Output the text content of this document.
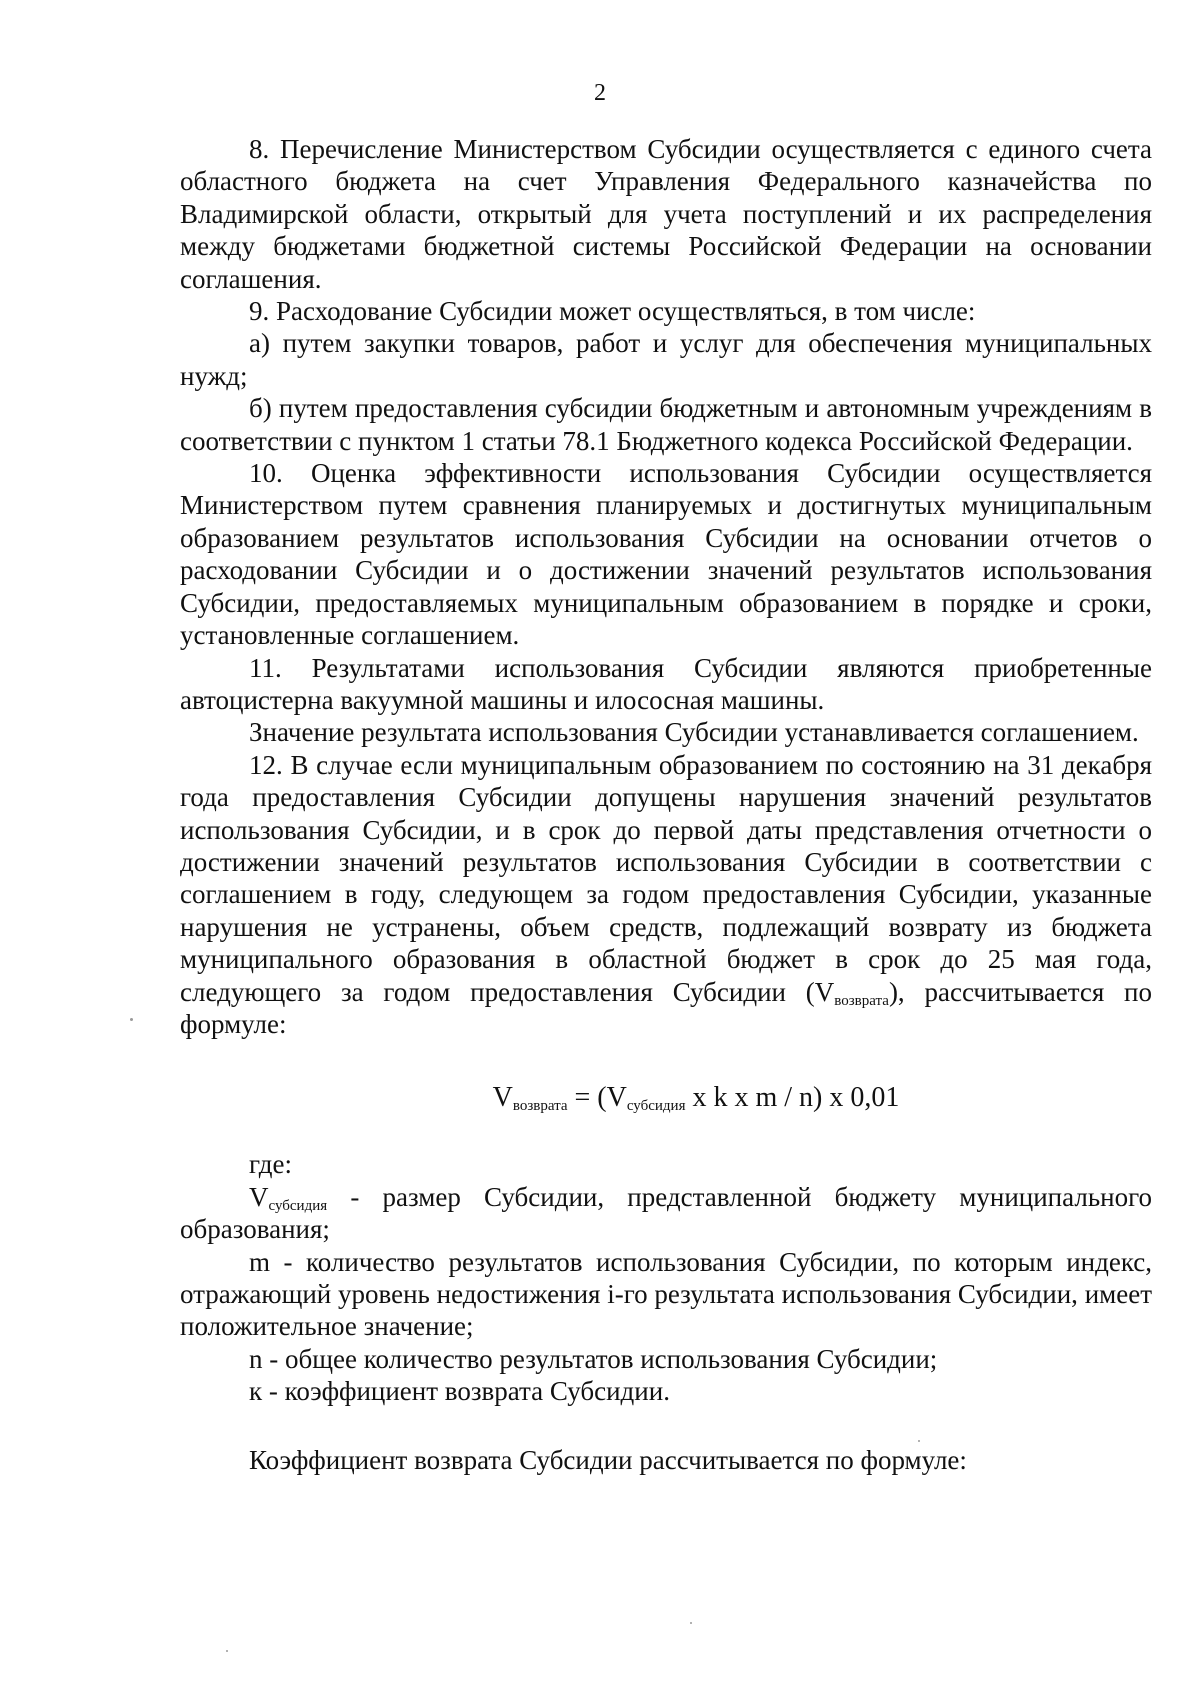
2

8. Перечисление Министерством Субсидии осуществляется с единого счета областного бюджета на счет Управления Федерального казначейства по Владимирской области, открытый для учета поступлений и их распределения между бюджетами бюджетной системы Российской Федерации на основании соглашения.

9. Расходование Субсидии может осуществляться, в том числе:

а) путем закупки товаров, работ и услуг для обеспечения муниципальных нужд;

б) путем предоставления субсидии бюджетным и автономным учреждениям в соответствии с пунктом 1 статьи 78.1 Бюджетного кодекса Российской Федерации.

10. Оценка эффективности использования Субсидии осуществляется Министерством путем сравнения планируемых и достигнутых муниципальным образованием результатов использования Субсидии на основании отчетов о расходовании Субсидии и о достижении значений результатов использования Субсидии, предоставляемых муниципальным образованием в порядке и сроки, установленные соглашением.

11. Результатами использования Субсидии являются приобретенные автоцистерна вакуумной машины и илососная машины.

Значение результата использования Субсидии устанавливается соглашением.

12. В случае если муниципальным образованием по состоянию на 31 декабря года предоставления Субсидии допущены нарушения значений результатов использования Субсидии, и в срок до первой даты представления отчетности о достижении значений результатов использования Субсидии в соответствии с соглашением в году, следующем за годом предоставления Субсидии, указанные нарушения не устранены, объем средств, подлежащий возврату из бюджета муниципального образования в областной бюджет в срок до 25 мая года, следующего за годом предоставления Субсидии $(V_{возврата})$, рассчитывается по формуле:

$V_{возврата} = (V_{субсидия}$ x k x m / n) x 0,01

где:

$V_{субсидия}$ - размер Субсидии, представленной бюджету муниципального образования;

m - количество результатов использования Субсидии, по которым индекс, отражающий уровень недостижения i-го результата использования Субсидии, имеет положительное значение;

n - общее количество результатов использования Субсидии;

к - коэффициент возврата Субсидии.

Коэффициент возврата Субсидии рассчитывается по формуле:
